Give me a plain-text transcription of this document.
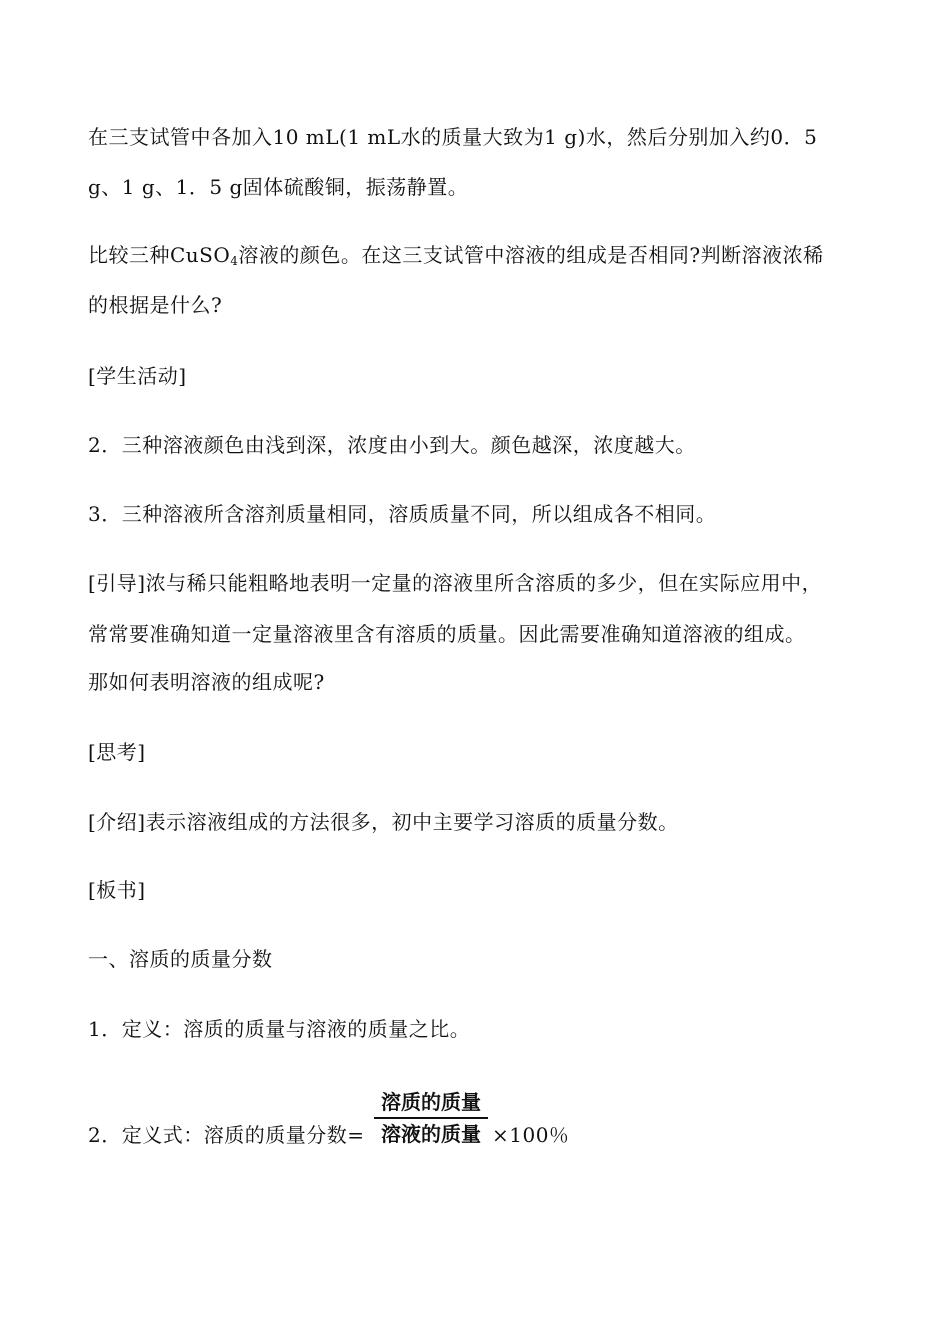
在三支试管中各加入10 mL(1 mL水的质量大致为1 g)水，然后分别加入约0．5
g、1 g、1．5 g固体硫酸铜，振荡静置。
比较三种CuSO$_4$溶液的颜色。在这三支试管中溶液的组成是否相同?判断溶液浓稀
的根据是什么?
[学生活动]
2．三种溶液颜色由浅到深，浓度由小到大。颜色越深，浓度越大。
3．三种溶液所含溶剂质量相同，溶质质量不同，所以组成各不相同。
[引导]浓与稀只能粗略地表明一定量的溶液里所含溶质的多少，但在实际应用中，
常常要准确知道一定量溶液里含有溶质的质量。因此需要准确知道溶液的组成。
那如何表明溶液的组成呢?
[思考]
[介绍]表示溶液组成的方法很多，初中主要学习溶质的质量分数。
[板书]
一、溶质的质量分数
1．定义：溶质的质量与溶液的质量之比。
2．定义式：溶质的质量分数=
溶质的质量
溶液的质量 ×100％
